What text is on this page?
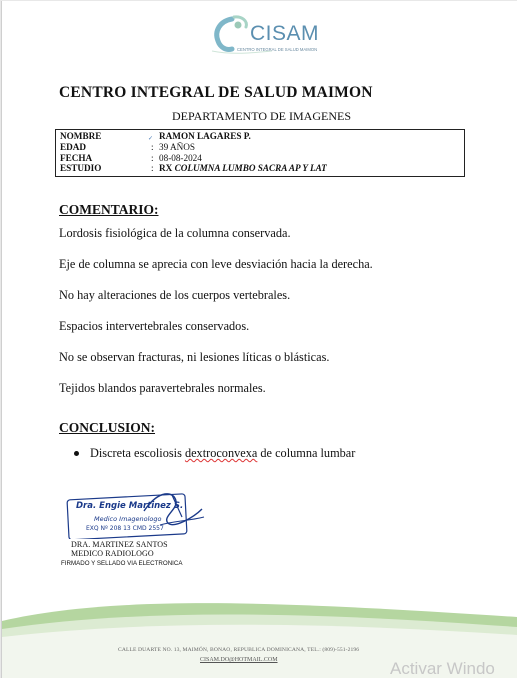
CISAM
CENTRO INTEGRAL DE SALUD MAIMON
CENTRO INTEGRAL DE SALUD MAIMON
DEPARTAMENTO DE IMAGENES
NOMBRE	✓ RAMON LAGARES P.
EDAD	: 39 AÑOS
FECHA	: 08-08-2024
ESTUDIO	: RX COLUMNA LUMBO SACRA AP Y LAT
COMENTARIO:
Lordosis fisiológica de la columna conservada.
Eje de columna se aprecia con leve desviación hacia la derecha.
No hay alteraciones de los cuerpos vertebrales.
Espacios intervertebrales conservados.
No se observan fracturas, ni lesiones líticas o blásticas.
Tejidos blandos paravertebrales normales.
CONCLUSION:
Discreta escoliosis dextroconvexa de columna lumbar
Dra. Engie Martinez S.
Medico Imagenologo
EXQ Nº 208 13 CMD 2557
DRA. MARTINEZ SANTOS
MEDICO RADIOLOGO
FIRMADO Y SELLADO VIA ELECTRONICA
CALLE DUARTE NO. 13, MAIMÓN, BONAO, REPUBLICA DOMINICANA, TEL.: (809)-551-2196
CISAM.DO@HOTMAIL.COM	Activar Windo
